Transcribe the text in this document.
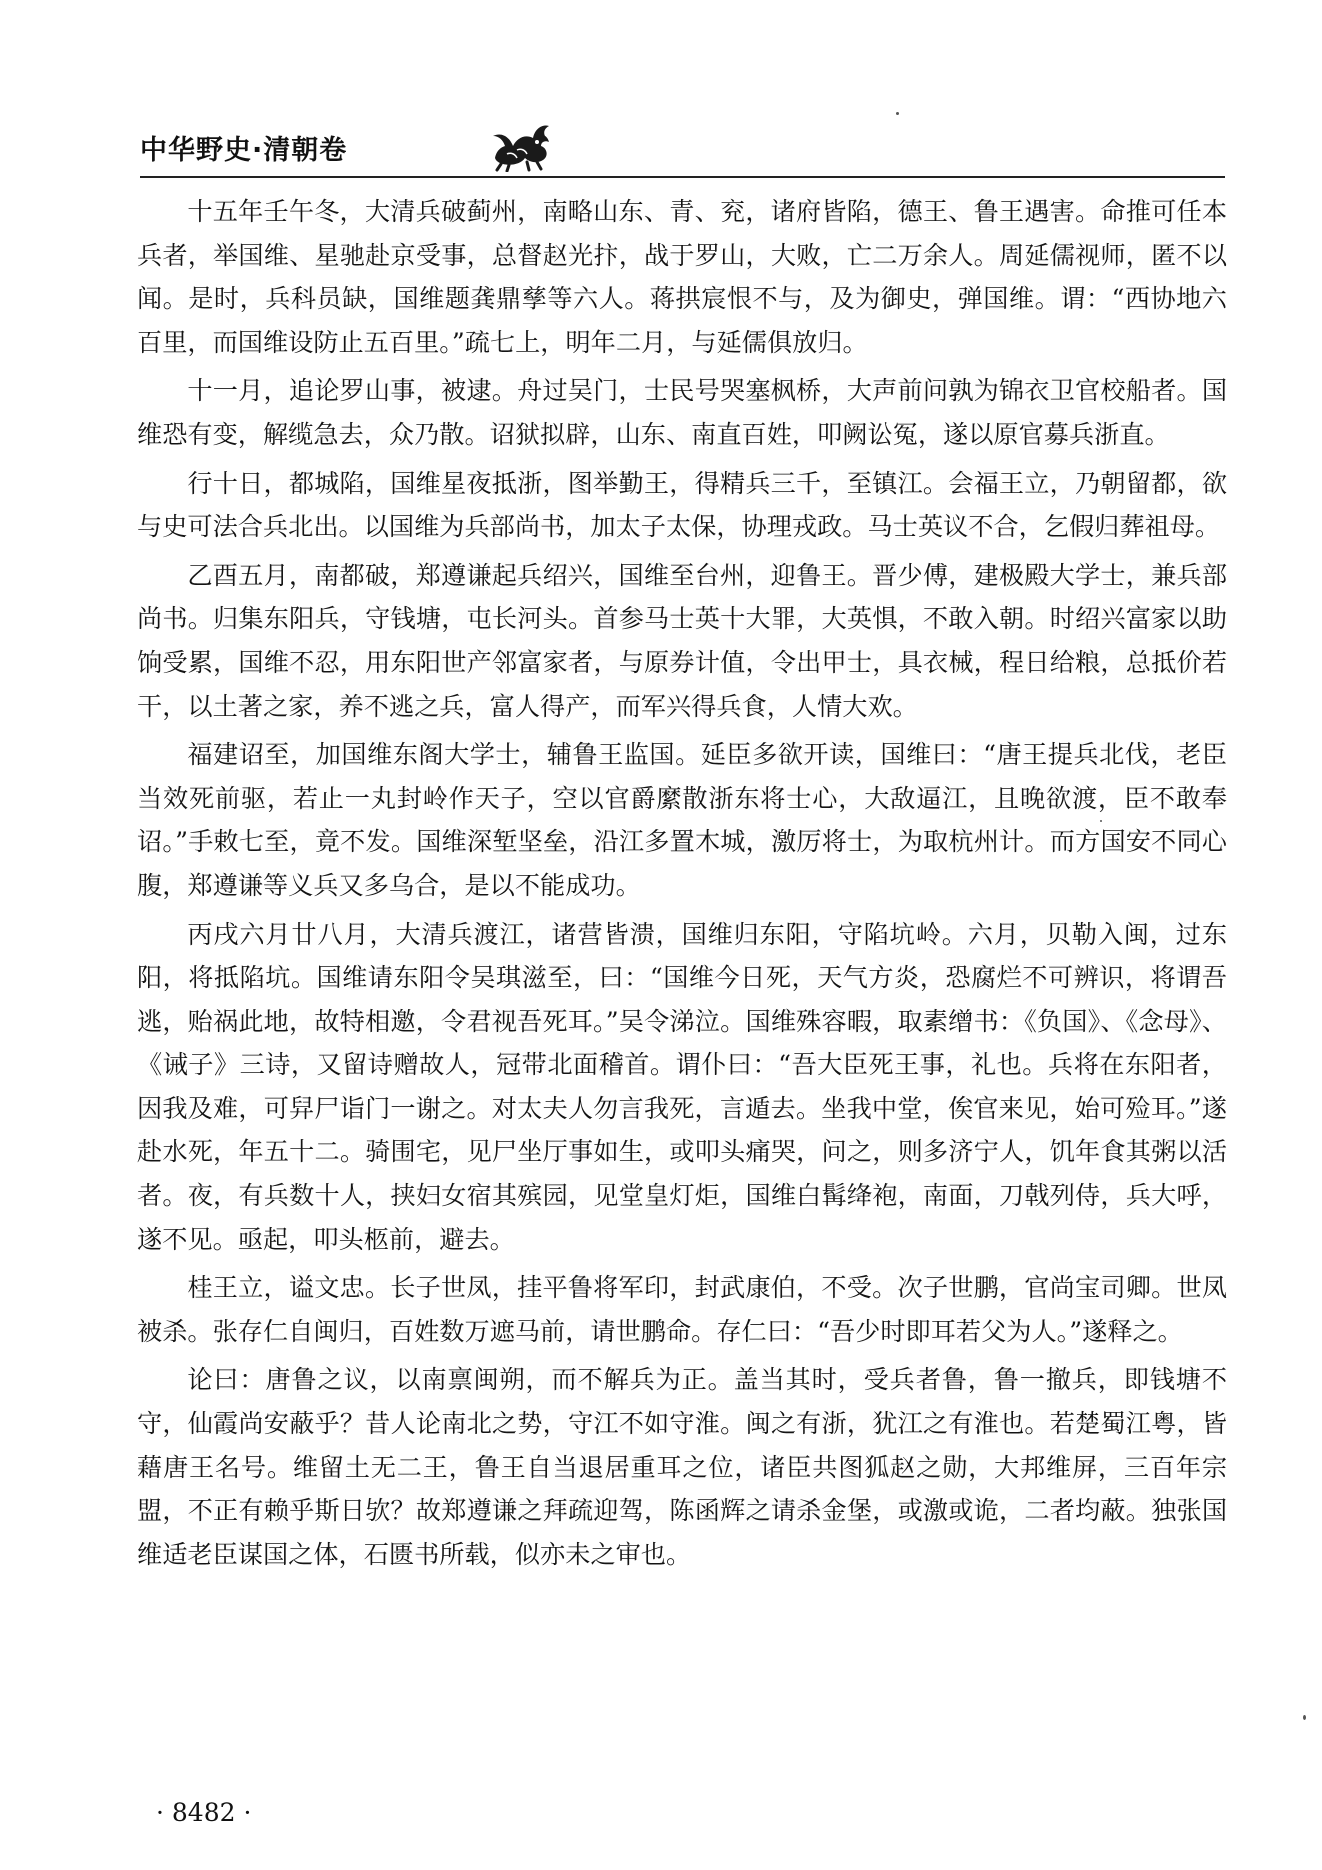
中华野史·清朝卷

十五年壬午冬，大清兵破蓟州，南略山东、青、兖，诸府皆陷，德王、鲁王遇害。命推可任本兵者，举国维、星驰赴京受事，总督赵光抃，战于罗山，大败，亡二万余人。周延儒视师，匿不以闻。是时，兵科员缺，国维题龚鼎孳等六人。蒋拱宸恨不与，及为御史，弹国维。谓：“西协地六百里，而国维设防止五百里。”疏七上，明年二月，与延儒俱放归。

十一月，追论罗山事，被逮。舟过吴门，士民号哭塞枫桥，大声前问孰为锦衣卫官校船者。国维恐有变，解缆急去，众乃散。诏狱拟辟，山东、南直百姓，叩阙讼冤，遂以原官募兵浙直。

行十日，都城陷，国维星夜抵浙，图举勤王，得精兵三千，至镇江。会福王立，乃朝留都，欲与史可法合兵北出。以国维为兵部尚书，加太子太保，协理戎政。马士英议不合，乞假归葬祖母。

乙酉五月，南都破，郑遵谦起兵绍兴，国维至台州，迎鲁王。晋少傅，建极殿大学士，兼兵部尚书。归集东阳兵，守钱塘，屯长河头。首参马士英十大罪，大英惧，不敢入朝。时绍兴富家以助饷受累，国维不忍，用东阳世产邻富家者，与原券计值，令出甲士，具衣械，程日给粮，总抵价若干，以土著之家，养不逃之兵，富人得产，而军兴得兵食，人情大欢。

福建诏至，加国维东阁大学士，辅鲁王监国。延臣多欲开读，国维曰：“唐王提兵北伐，老臣当效死前驱，若止一丸封岭作天子，空以官爵縻散浙东将士心，大敌逼江，且晚欲渡，臣不敢奉诏。”手敕七至，竟不发。国维深堑坚垒，沿江多置木城，激厉将士，为取杭州计。而方国安不同心腹，郑遵谦等义兵又多乌合，是以不能成功。

丙戌六月廿八月，大清兵渡江，诸营皆溃，国维归东阳，守陷坑岭。六月，贝勒入闽，过东阳，将抵陷坑。国维请东阳令吴琪滋至，曰：“国维今日死，天气方炎，恐腐烂不可辨识，将谓吾逃，贻祸此地，故特相邀，令君视吾死耳。”吴令涕泣。国维殊容暇，取素缯书：《负国》、《念母》、《诫子》三诗，又留诗赠故人，冠带北面稽首。谓仆曰：“吾大臣死王事，礼也。兵将在东阳者，因我及难，可舁尸诣门一谢之。对太夫人勿言我死，言遁去。坐我中堂，俟官来见，始可殓耳。”遂赴水死，年五十二。骑围宅，见尸坐厅事如生，或叩头痛哭，问之，则多济宁人，饥年食其粥以活者。夜，有兵数十人，挟妇女宿其殡园，见堂皇灯炬，国维白髯绛袍，南面，刀戟列侍，兵大呼，遂不见。亟起，叩头柩前，避去。

桂王立，谥文忠。长子世凤，挂平鲁将军印，封武康伯，不受。次子世鹏，官尚宝司卿。世凤被杀。张存仁自闽归，百姓数万遮马前，请世鹏命。存仁曰：“吾少时即耳若父为人。”遂释之。

论曰：唐鲁之议，以南禀闽朔，而不解兵为正。盖当其时，受兵者鲁，鲁一撤兵，即钱塘不守，仙霞尚安蔽乎？昔人论南北之势，守江不如守淮。闽之有浙，犹江之有淮也。若楚蜀江粤，皆藉唐王名号。维留土无二王，鲁王自当退居重耳之位，诸臣共图狐赵之勋，大邦维屏，三百年宗盟，不正有赖乎斯日欤？故郑遵谦之拜疏迎驾，陈函辉之请杀金堡，或激或诡，二者均蔽。独张国维适老臣谋国之体，石匮书所载，似亦未之审也。

· 8482 ·
